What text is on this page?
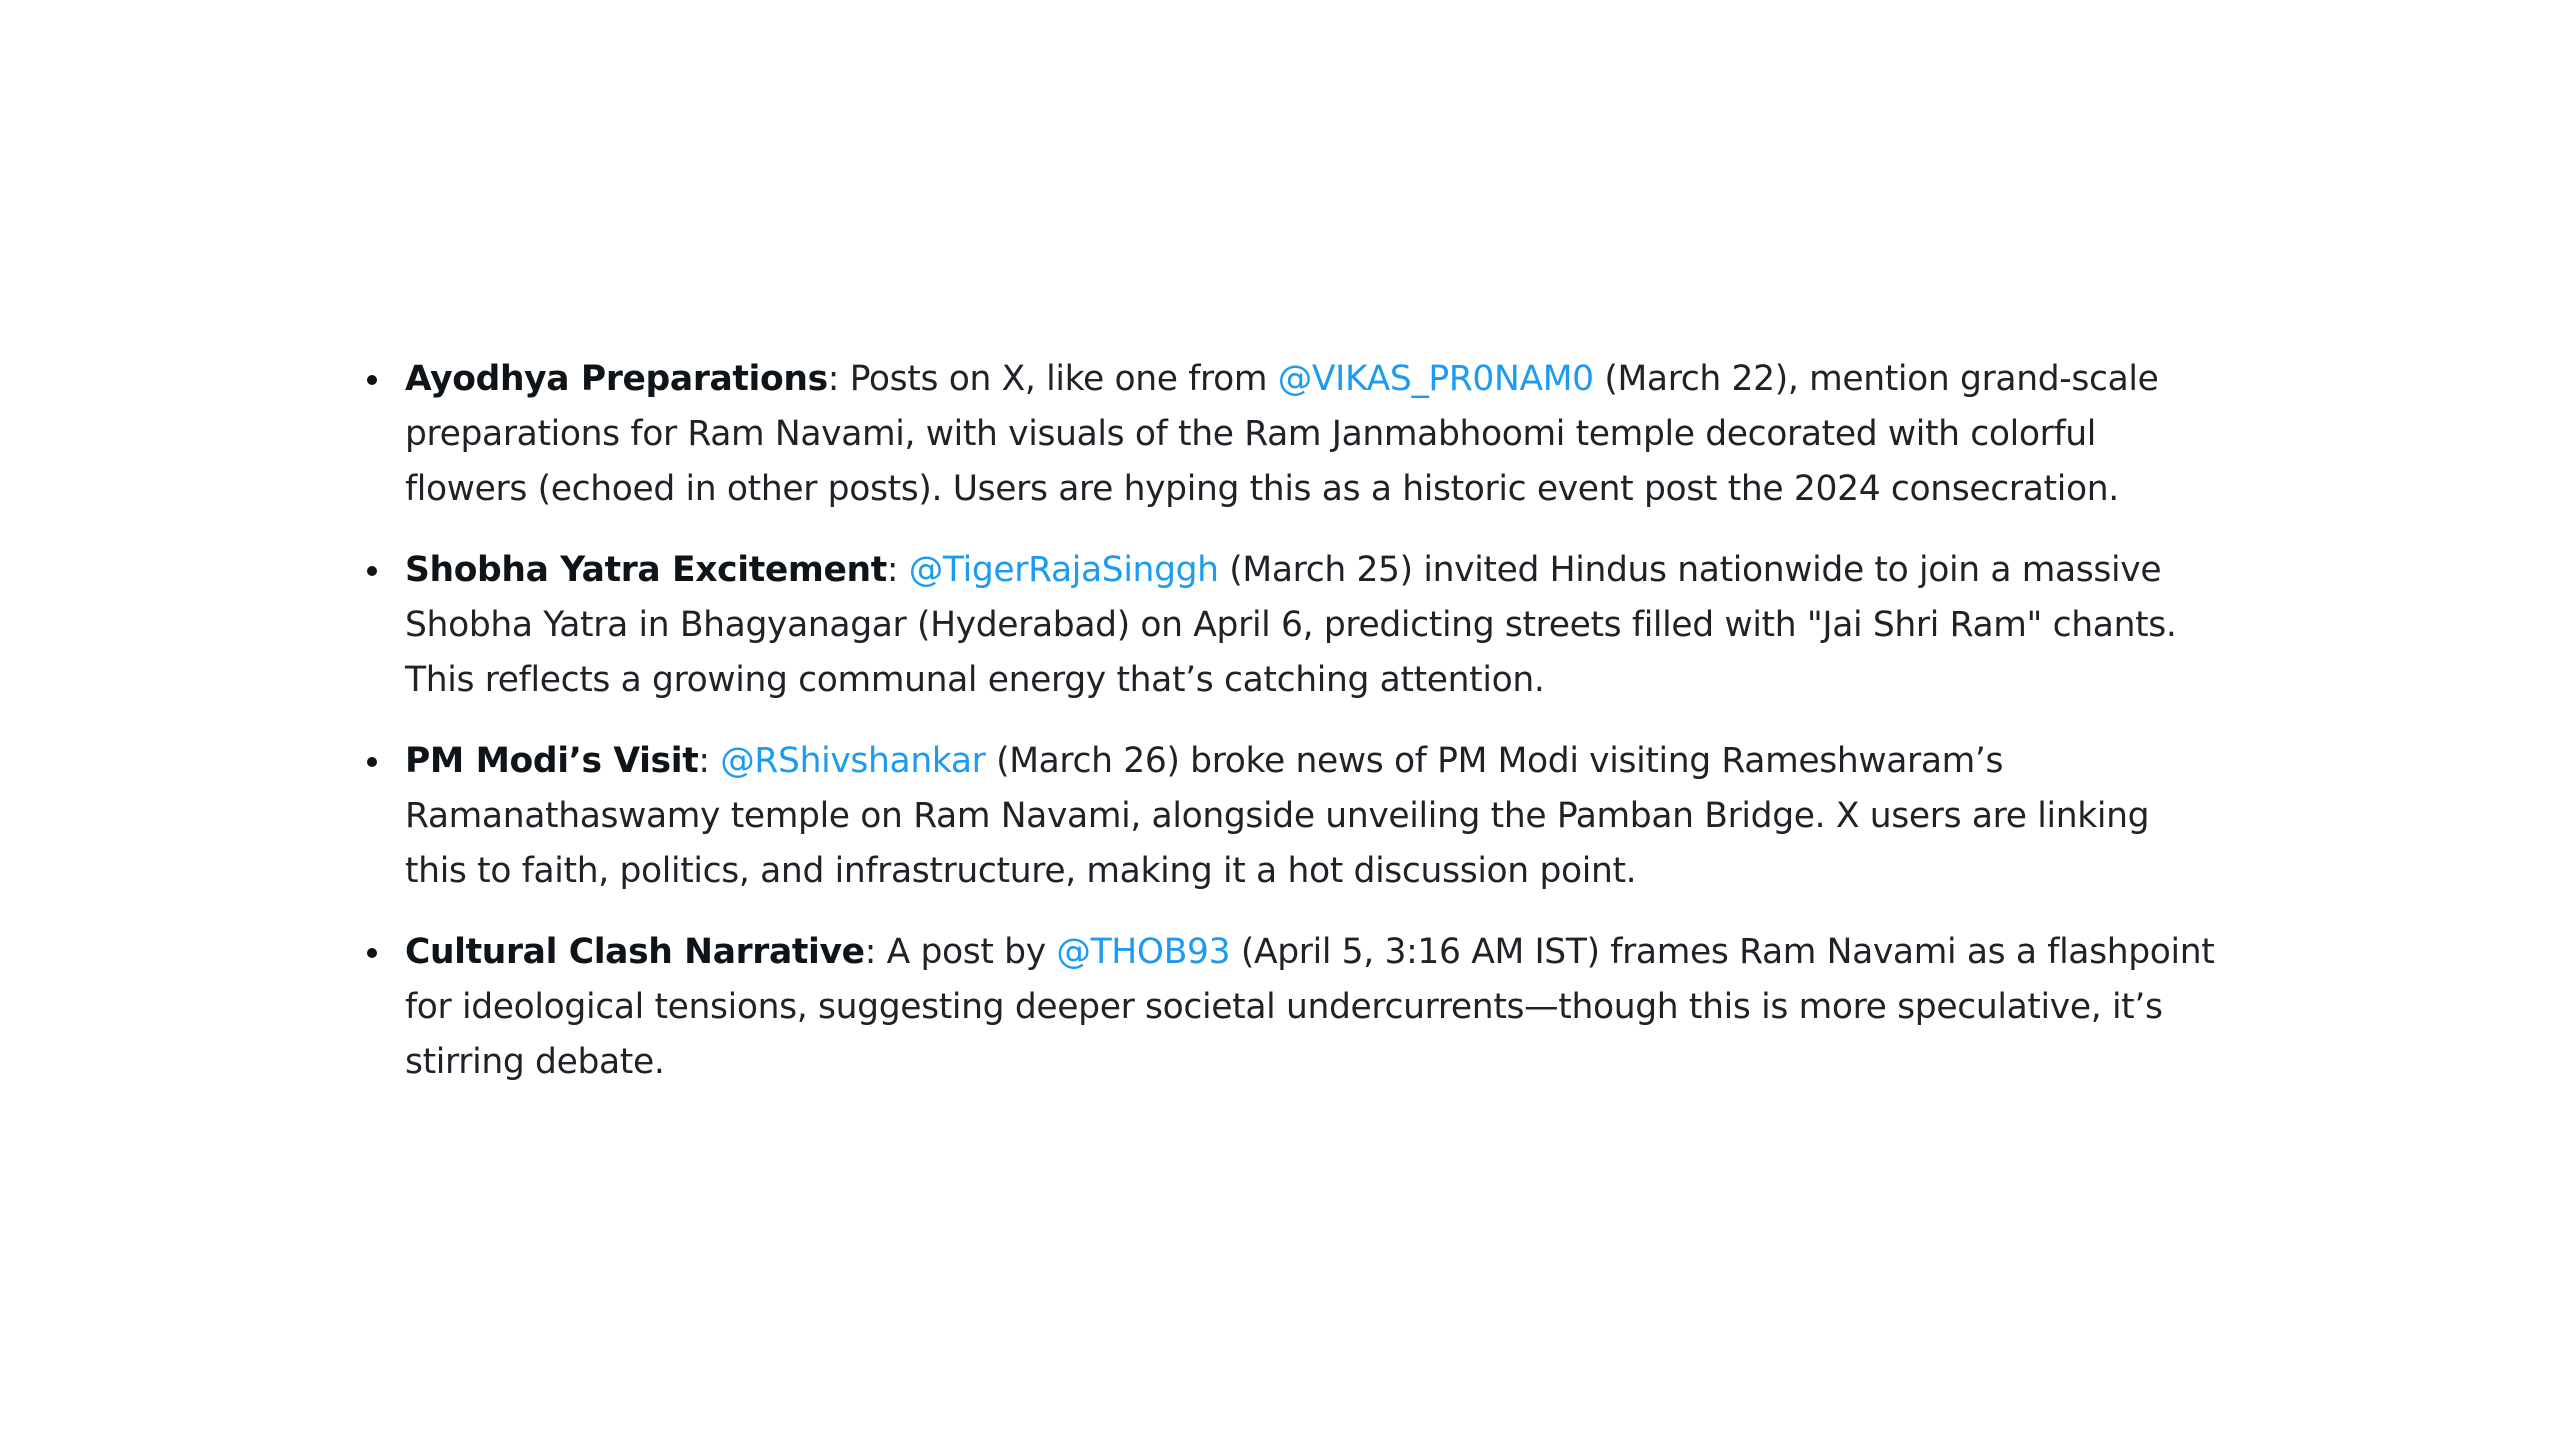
Ayodhya Preparations: Posts on X, like one from @VIKAS_PR0NAM0 (March 22), mention grand-scale preparations for Ram Navami, with visuals of the Ram Janmabhoomi temple decorated with colorful flowers (echoed in other posts). Users are hyping this as a historic event post the 2024 consecration.
Shobha Yatra Excitement: @TigerRajaSinggh (March 25) invited Hindus nationwide to join a massive Shobha Yatra in Bhagyanagar (Hyderabad) on April 6, predicting streets filled with "Jai Shri Ram" chants. This reflects a growing communal energy that’s catching attention.
PM Modi’s Visit: @RShivshankar (March 26) broke news of PM Modi visiting Rameshwaram’s Ramanathaswamy temple on Ram Navami, alongside unveiling the Pamban Bridge. X users are linking this to faith, politics, and infrastructure, making it a hot discussion point.
Cultural Clash Narrative: A post by @THOB93 (April 5, 3:16 AM IST) frames Ram Navami as a flashpoint for ideological tensions, suggesting deeper societal undercurrents—though this is more speculative, it’s stirring debate.
